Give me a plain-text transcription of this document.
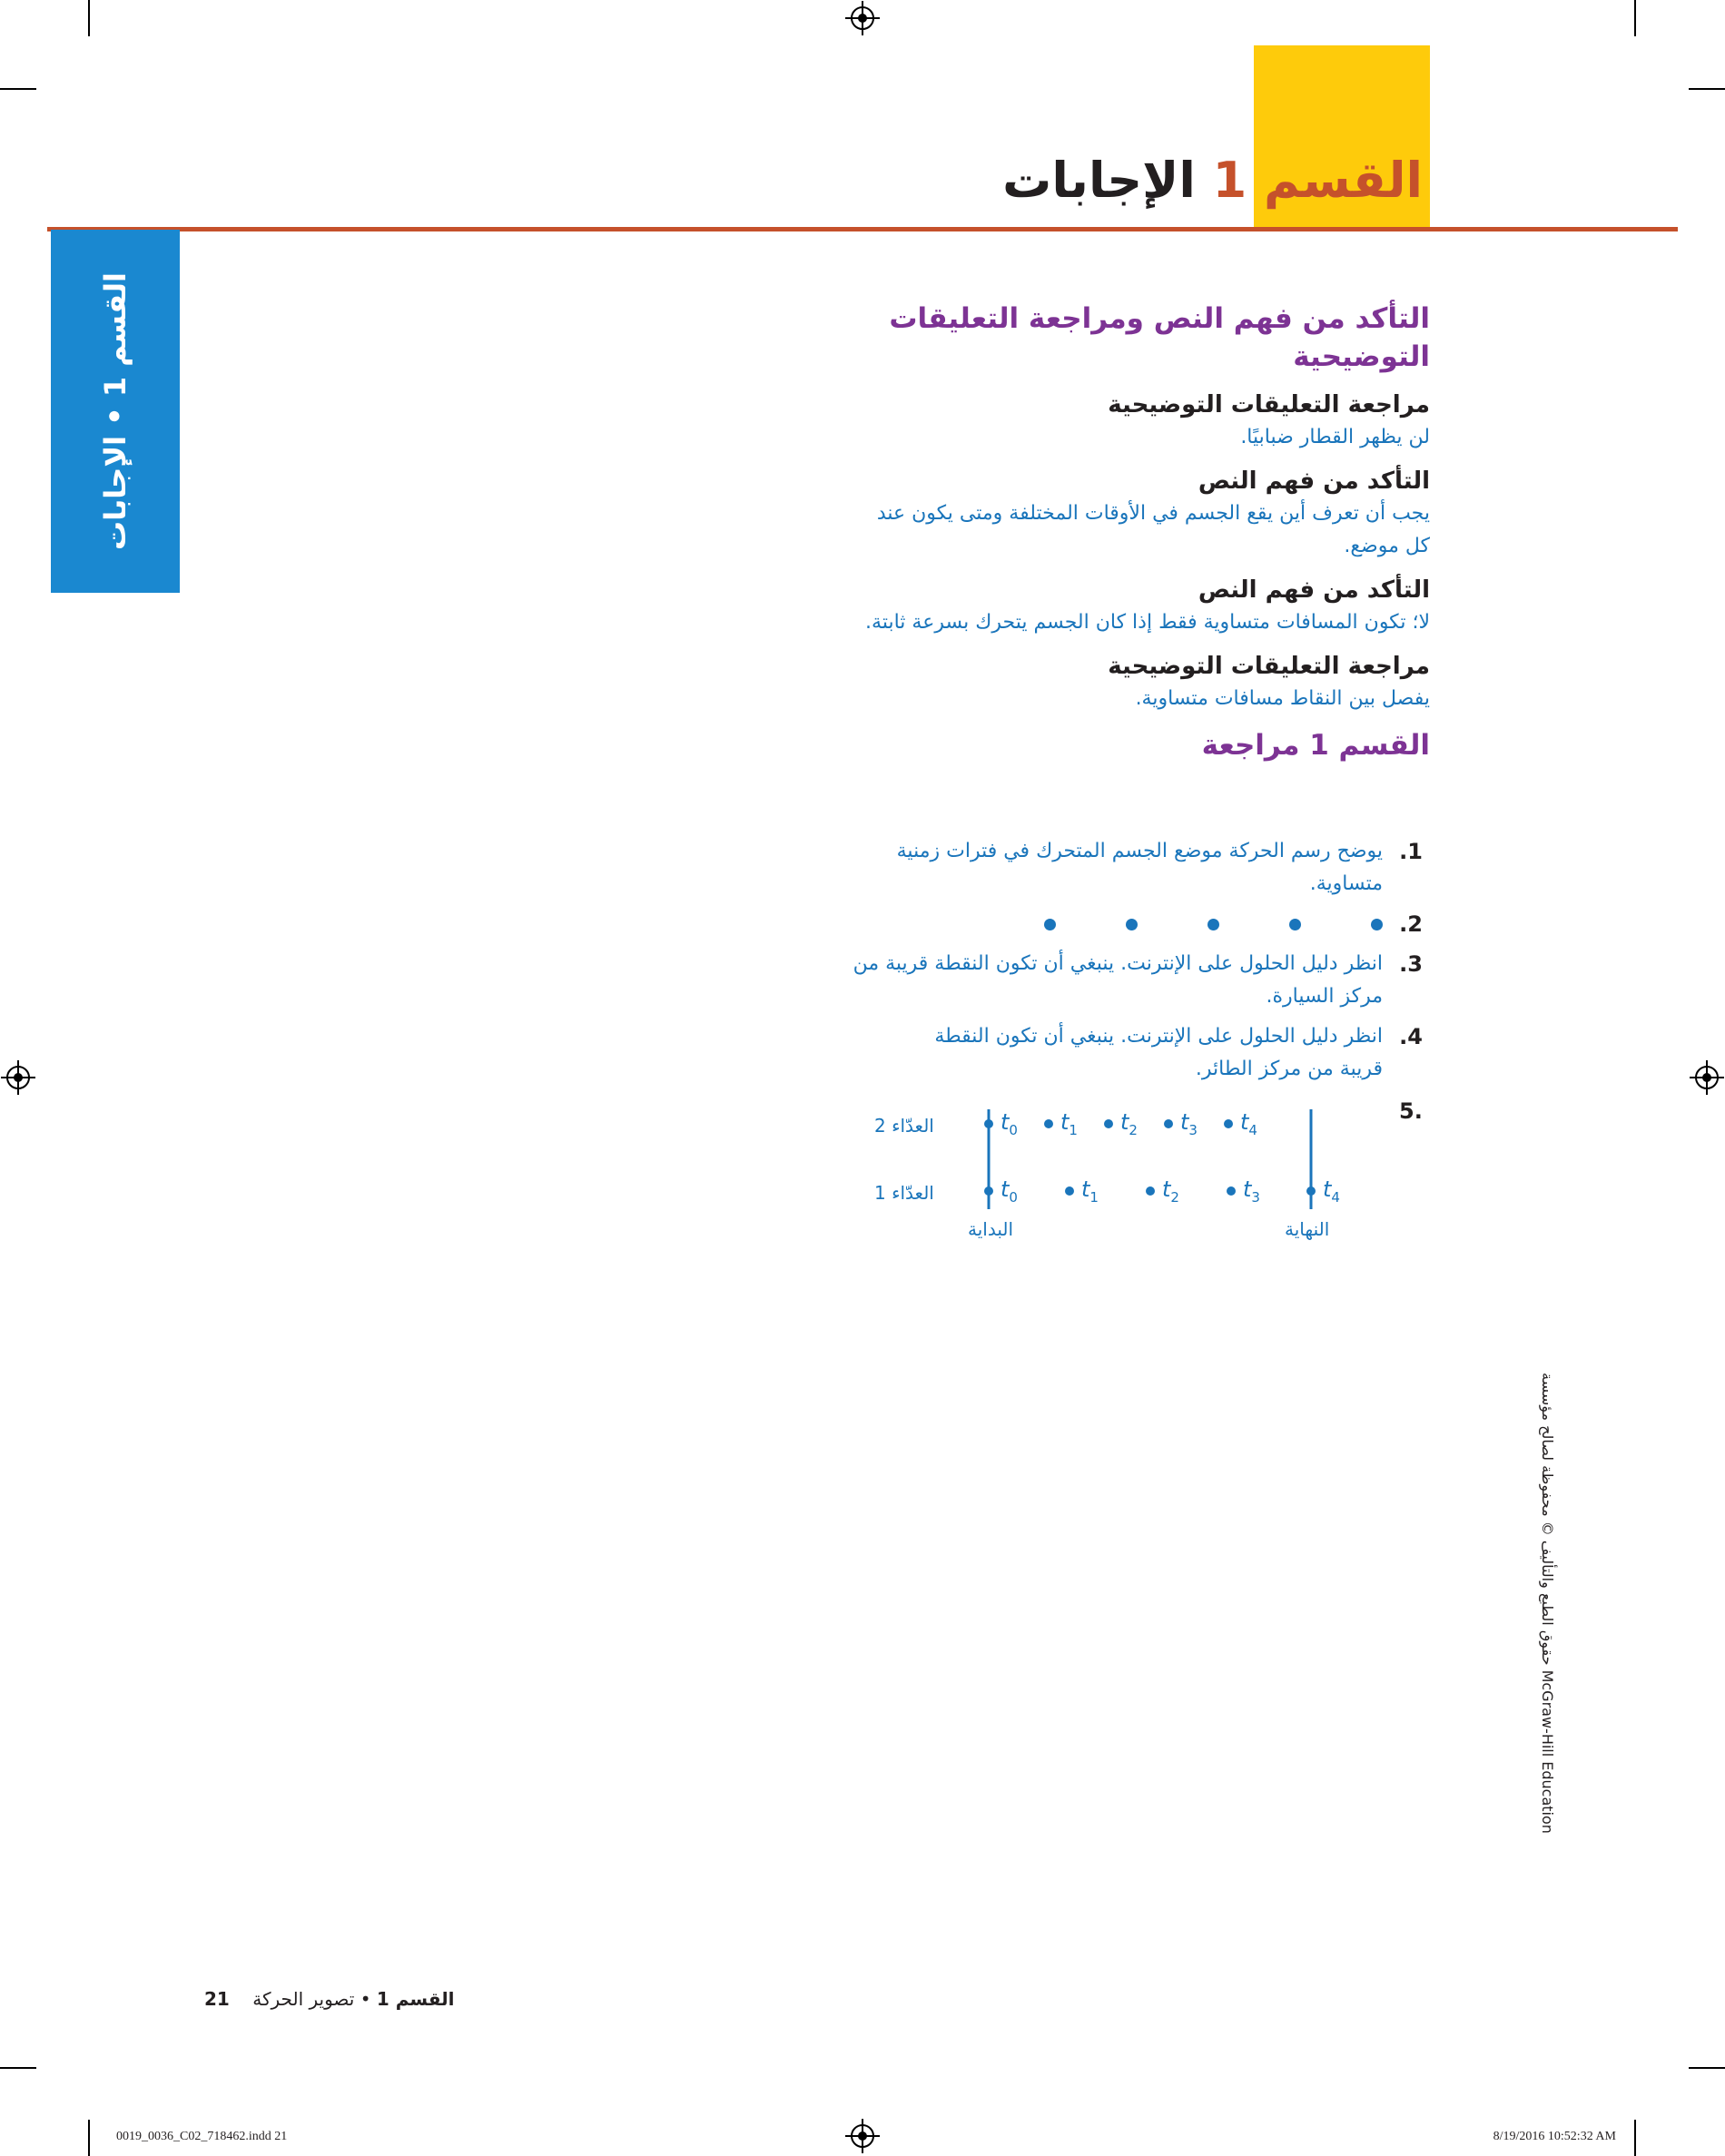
القسم 1 الإجابات
القسم 1 • الإجابات	التأكد من فهم النص ومراجعة التعليقات التوضيحية
مراجعة التعليقات التوضيحية

لن يظهر القطار ضبابيًا.

التأكد من فهم النص

يجب أن تعرف أين يقع الجسم في الأوقات المختلفة ومتى يكون عند كل موضع.

التأكد من فهم النص

لا؛ تكون المسافات متساوية فقط إذا كان الجسم يتحرك بسرعة ثابتة.

مراجعة التعليقات التوضيحية

يفصل بين النقاط مسافات متساوية.

القسم 1 مراجعة
1.
يوضح رسم الحركة موضع الجسم المتحرك في فترات زمنية متساوية.
2.
3.
انظر دليل الحلول على الإنترنت. ينبغي أن تكون النقطة قريبة من مركز السيارة.
4.
انظر دليل الحلول على الإنترنت. ينبغي أن تكون النقطة قريبة من مركز الطائر.
5.
العدّاء 2
العدّاء 1
البداية	النهاية
$t_0$ $t_1$ $t_2$ $t_3$ $t_4$
$t_0$	$t_1$	$t_2$	$t_3$	$t_4$
حقوق الطبع والتأليف © محفوظة لصالح مؤسسة McGraw-Hill Education
القسم 1 • تصوير الحركة    21
0019_0036_C02_718462.indd 21	8/19/2016 10:52:32 AM
